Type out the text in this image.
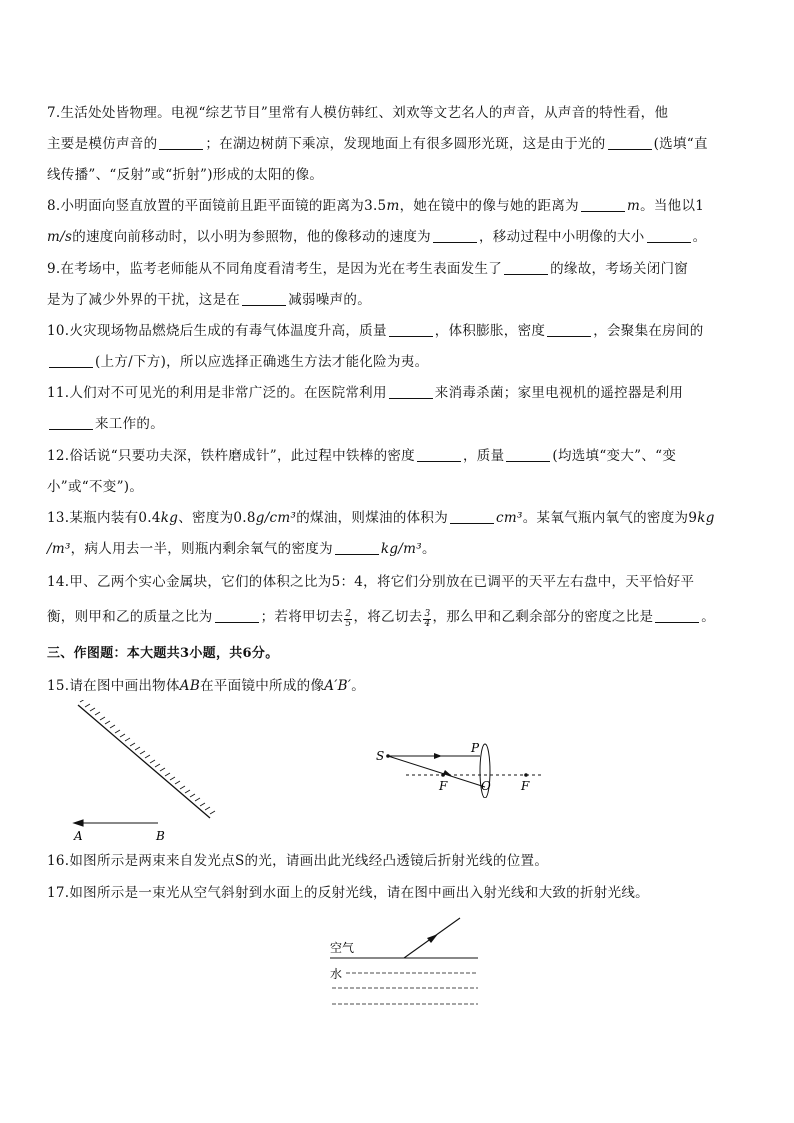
7.生活处处皆物理。电视“综艺节目”里常有人模仿韩红、刘欢等文艺名人的声音，从声音的特性看，他
主要是模仿声音的	；在湖边树荫下乘凉，发现地面上有很多圆形光斑，这是由于光的	(选填“直
线传播”、“反射”或“折射”)形成的太阳的像。
8.小明面向竖直放置的平面镜前且距平面镜的距离为3.5m，她在镜中的像与她的距离为	m。当他以1
m/s的速度向前移动时，以小明为参照物，他的像移动的速度为	，移动过程中小明像的大小	。
9.在考场中，监考老师能从不同角度看清考生，是因为光在考生表面发生了	的缘故，考场关闭门窗
是为了减少外界的干扰，这是在	减弱噪声的。
10.火灾现场物品燃烧后生成的有毒气体温度升高，质量	，体积膨胀，密度	，会聚集在房间的
(上方/下方)，所以应选择正确逃生方法才能化险为夷。
11.人们对不可见光的利用是非常广泛的。在医院常利用	来消毒杀菌；家里电视机的遥控器是利用
来工作的。
12.俗话说“只要功夫深，铁杵磨成针”，此过程中铁棒的密度	，质量	(均选填“变大”、“变
小”或“不变”)。
13.某瓶内装有0.4kg、密度为0.8g/cm³的煤油，则煤油的体积为	cm³。某氧气瓶内氧气的密度为9kg
/m³，病人用去一半，则瓶内剩余氧气的密度为	kg/m³。
14.甲、乙两个实心金属块，它们的体积之比为5：4，将它们分别放在已调平的天平左右盘中，天平恰好平
衡，则甲和乙的质量之比为	；若将甲切去 $\frac{2}{5}$ ，将乙切去 $\frac{3}{4}$ ，那么甲和乙剩余部分的密度之比是	。
三、作图题：本大题共3小题，共6分。
15.请在图中画出物体AB在平面镜中所成的像A′B′。
A	B
S
P
F	O	F
16.如图所示是两束来自发光点S的光，请画出此光线经凸透镜后折射光线的位置。
17.如图所示是一束光从空气斜射到水面上的反射光线，请在图中画出入射光线和大致的折射光线。
空气
水
